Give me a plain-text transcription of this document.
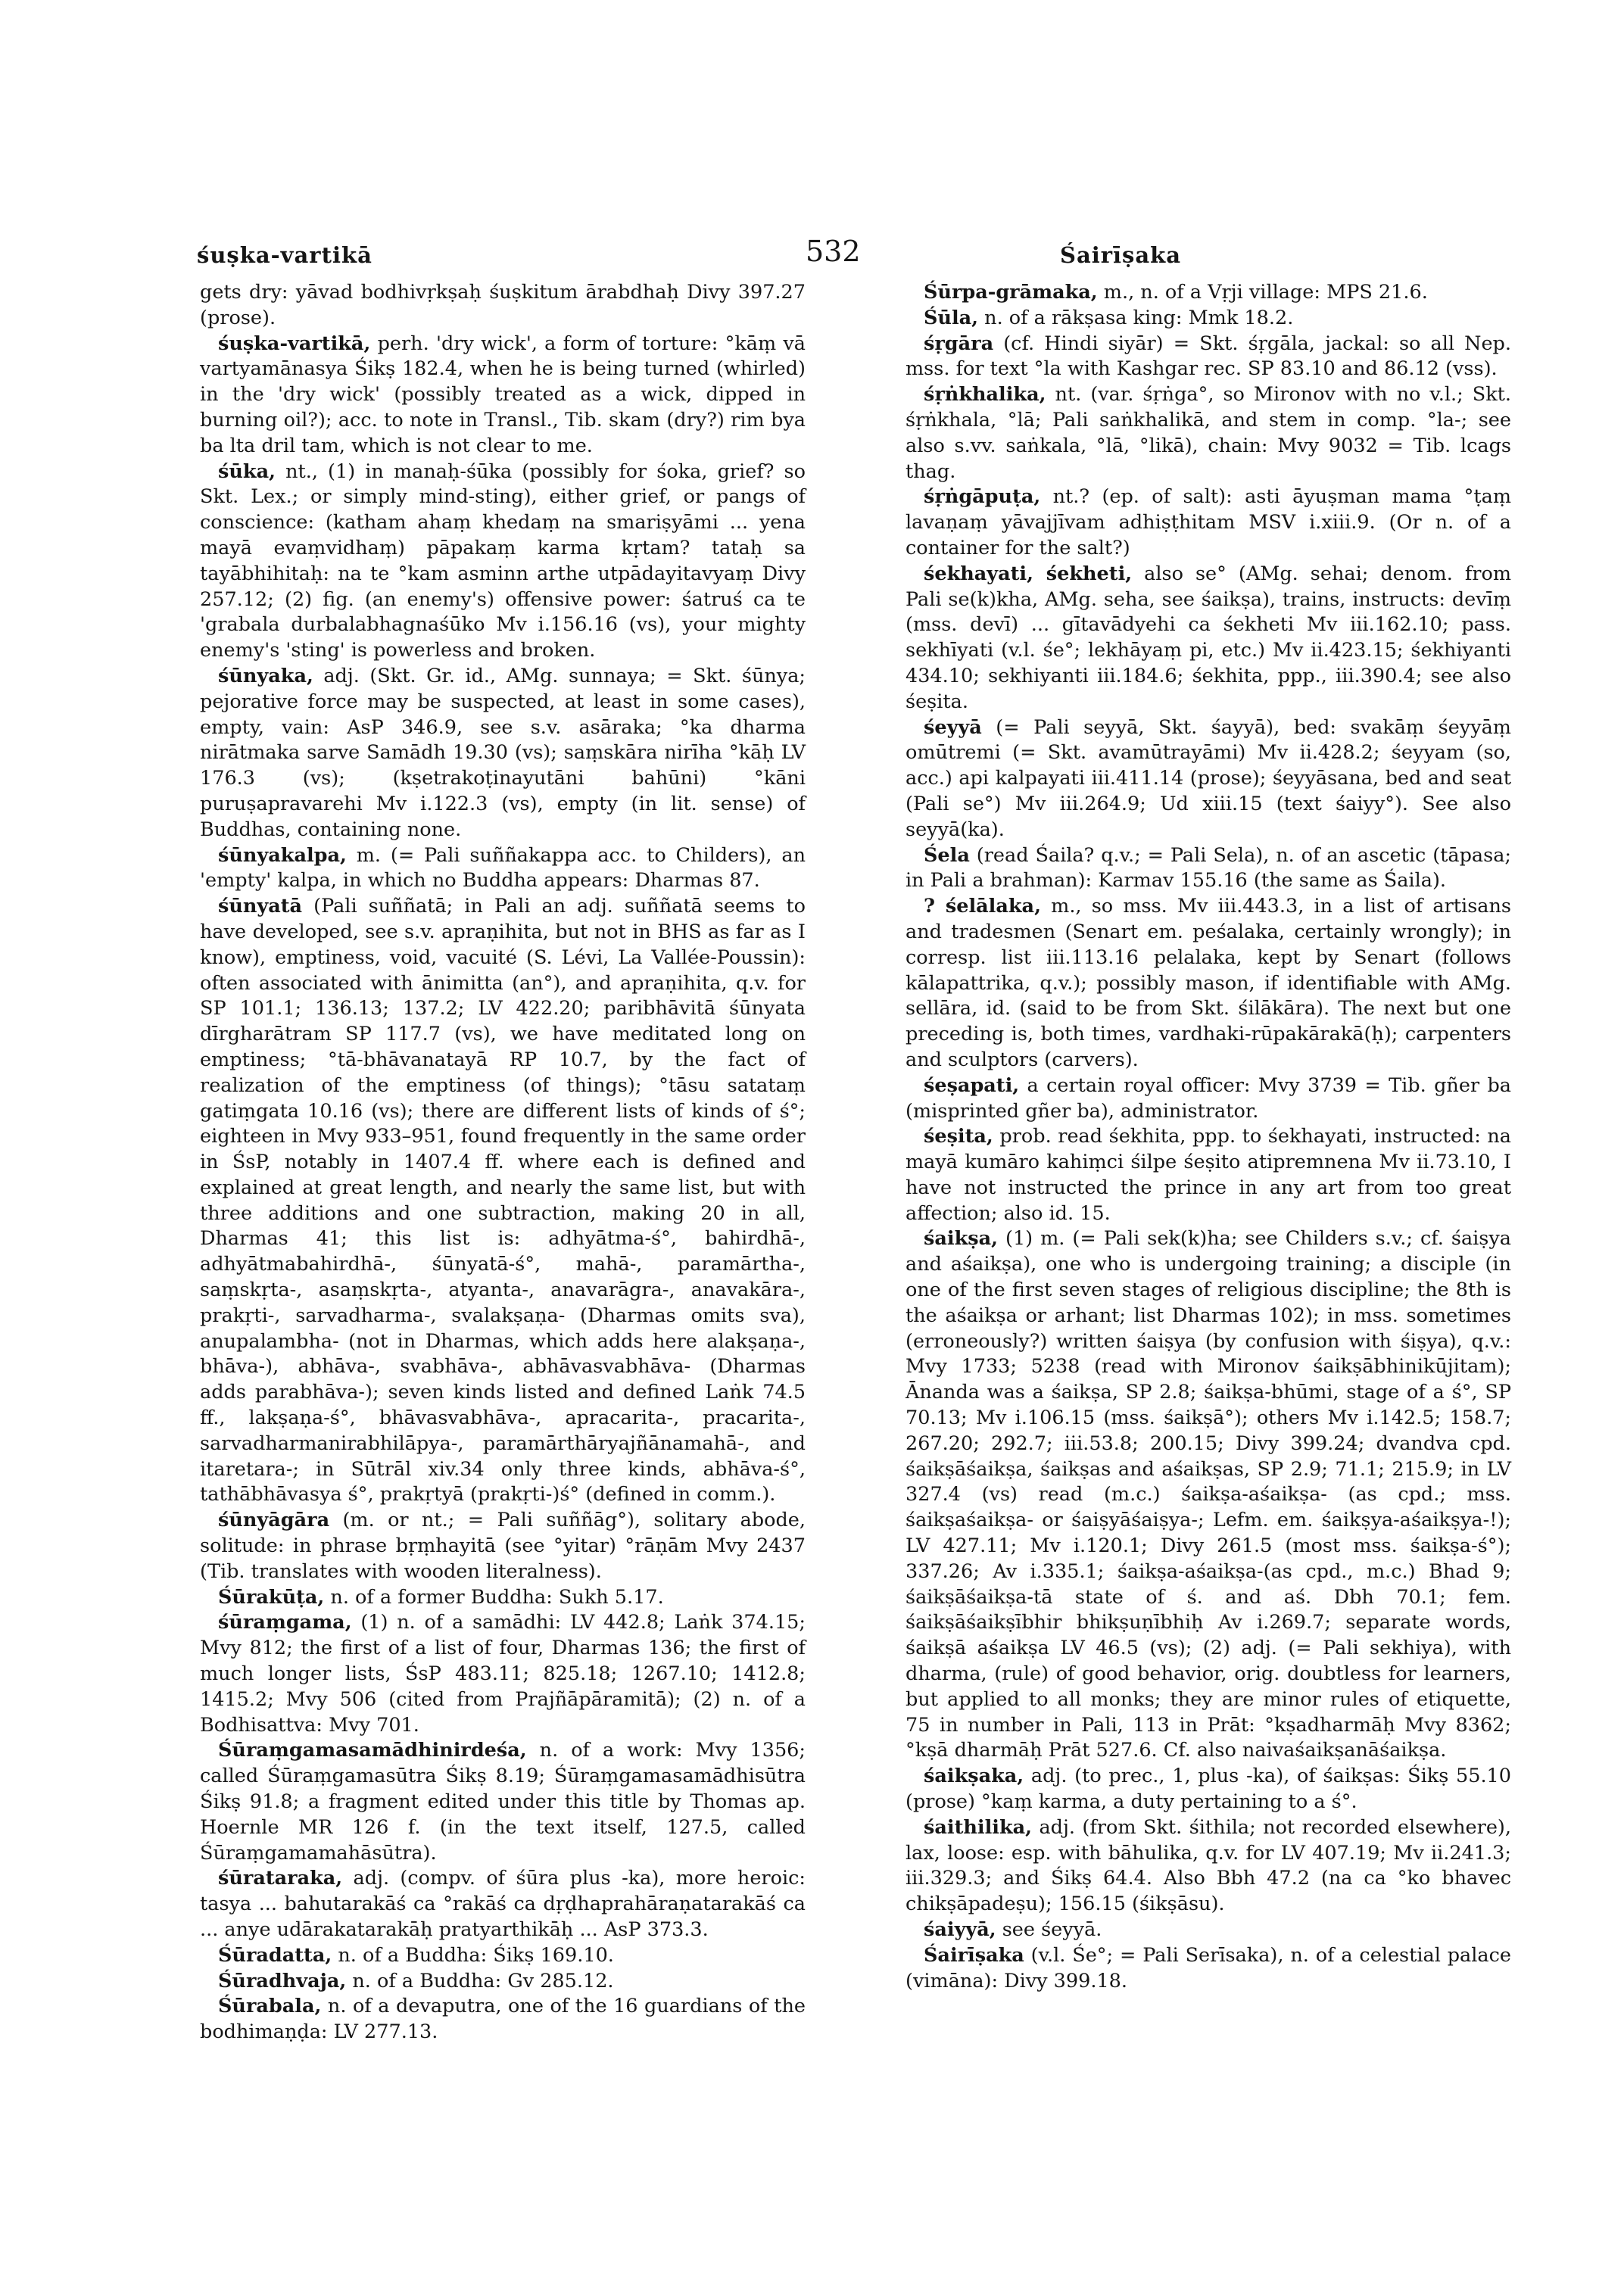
śuṣka-vartikā	532	Śairīṣaka

gets dry: yāvad bodhivṛkṣaḥ śuṣkitum ārabdhaḥ Divy 397.27 (prose).

śuṣka-vartikā, perh. 'dry wick', a form of torture: °kāṃ vā vartyamānasya Śikṣ 182.4, when he is being turned (whirled) in the 'dry wick' (possibly treated as a wick, dipped in burning oil?); acc. to note in Transl., Tib. skam (dry?) rim bya ba lta dril tam, which is not clear to me.

śūka, nt., (1) in manaḥ-śūka (possibly for śoka, grief? so Skt. Lex.; or simply mind-sting), either grief, or pangs of conscience: (katham ahaṃ khedaṃ na smariṣyāmi ... yena mayā evaṃvidhaṃ) pāpakaṃ karma kṛtam? tataḥ sa tayābhihitaḥ: na te °kam asminn arthe utpādayitavyaṃ Divy 257.12; (2) fig. (an enemy's) offensive power: śatruś ca te 'grabala durbalabhagnaśūko Mv i.156.16 (vs), your mighty enemy's 'sting' is powerless and broken.

śūnyaka, adj. (Skt. Gr. id., AMg. sunnaya; = Skt. śūnya; pejorative force may be suspected, at least in some cases), empty, vain: AsP 346.9, see s.v. asāraka; °ka dharma nirātmaka sarve Samādh 19.30 (vs); saṃskāra nirīha °kāḥ LV 176.3 (vs); (kṣetrakoṭinayutāni bahūni) °kāni puruṣapravarehi Mv i.122.3 (vs), empty (in lit. sense) of Buddhas, containing none.

śūnyakalpa, m. (= Pali suññakappa acc. to Childers), an 'empty' kalpa, in which no Buddha appears: Dharmas 87.

śūnyatā (Pali suññatā; in Pali an adj. suññatā seems to have developed, see s.v. apraṇihita, but not in BHS as far as I know), emptiness, void, vacuité (S. Lévi, La Vallée-Poussin): often associated with ānimitta (an°), and apraṇihita, q.v. for SP 101.1; 136.13; 137.2; LV 422.20; paribhāvitā śūnyata dīrgharātram SP 117.7 (vs), we have meditated long on emptiness; °tā-bhāvanatayā RP 10.7, by the fact of realization of the emptiness (of things); °tāsu satataṃ gatiṃgata 10.16 (vs); there are different lists of kinds of ś°; eighteen in Mvy 933–951, found frequently in the same order in ŚsP, notably in 1407.4 ff. where each is defined and explained at great length, and nearly the same list, but with three additions and one subtraction, making 20 in all, Dharmas 41; this list is: adhyātma-ś°, bahirdhā-, adhyātmabahirdhā-, śūnyatā-ś°, mahā-, paramārtha-, saṃskṛta-, asaṃskṛta-, atyanta-, anavarāgra-, anavakāra-, prakṛti-, sarvadharma-, svalakṣaṇa- (Dharmas omits sva), anupalambha- (not in Dharmas, which adds here alakṣaṇa-, bhāva-), abhāva-, svabhāva-, abhāvasvabhāva- (Dharmas adds parabhāva-); seven kinds listed and defined Laṅk 74.5 ff., lakṣaṇa-ś°, bhāvasvabhāva-, apracarita-, pracarita-, sarvadharmanirabhilāpya-, paramārthāryajñānamahā-, and itaretara-; in Sūtrāl xiv.34 only three kinds, abhāva-ś°, tathābhāvasya ś°, prakṛtyā (prakṛti-)ś° (defined in comm.).

śūnyāgāra (m. or nt.; = Pali suññāg°), solitary abode, solitude: in phrase bṛṃhayitā (see °yitar) °rāṇām Mvy 2437 (Tib. translates with wooden literalness).

Śūrakūṭa, n. of a former Buddha: Sukh 5.17.

śūraṃgama, (1) n. of a samādhi: LV 442.8; Laṅk 374.15; Mvy 812; the first of a list of four, Dharmas 136; the first of much longer lists, ŚsP 483.11; 825.18; 1267.10; 1412.8; 1415.2; Mvy 506 (cited from Prajñāpāramitā); (2) n. of a Bodhisattva: Mvy 701.

Śūraṃgamasamādhinirdeśa, n. of a work: Mvy 1356; called Śūraṃgamasūtra Śikṣ 8.19; Śūraṃgamasamādhisūtra Śikṣ 91.8; a fragment edited under this title by Thomas ap. Hoernle MR 126 f. (in the text itself, 127.5, called Śūraṃgamamahāsūtra).

śūrataraka, adj. (compv. of śūra plus -ka), more heroic: tasya ... bahutarakāś ca °rakāś ca dṛḍhaprahāraṇatarakāś ca ... anye udārakatarakāḥ pratyarthikāḥ ... AsP 373.3.

Śūradatta, n. of a Buddha: Śikṣ 169.10.

Śūradhvaja, n. of a Buddha: Gv 285.12.

Śūrabala, n. of a devaputra, one of the 16 guardians of the bodhimaṇḍa: LV 277.13.

Śūrpa-grāmaka, m., n. of a Vṛji village: MPS 21.6.

Śūla, n. of a rākṣasa king: Mmk 18.2.

śṛgāra (cf. Hindi siyār) = Skt. śṛgāla, jackal: so all Nep. mss. for text °la with Kashgar rec. SP 83.10 and 86.12 (vss).

śṛṅkhalika, nt. (var. śṛṅga°, so Mironov with no v.l.; Skt. śṛṅkhala, °lā; Pali saṅkhalikā, and stem in comp. °la-; see also s.vv. saṅkala, °lā, °likā), chain: Mvy 9032 = Tib. lcags thag.

śṛṅgāpuṭa, nt.? (ep. of salt): asti āyuṣman mama °ṭaṃ lavaṇaṃ yāvajjīvam adhiṣṭhitam MSV i.xiii.9. (Or n. of a container for the salt?)

śekhayati, śekheti, also se° (AMg. sehai; denom. from Pali se(k)kha, AMg. seha, see śaikṣa), trains, instructs: devīṃ (mss. devī) ... gītavādyehi ca śekheti Mv iii.162.10; pass. sekhīyati (v.l. śe°; lekhāyaṃ pi, etc.) Mv ii.423.15; śekhiyanti 434.10; sekhiyanti iii.184.6; śekhita, ppp., iii.390.4; see also śeṣita.

śeyyā (= Pali seyyā, Skt. śayyā), bed: svakāṃ śeyyāṃ omūtremi (= Skt. avamūtrayāmi) Mv ii.428.2; śeyyam (so, acc.) api kalpayati iii.411.14 (prose); śeyyāsana, bed and seat (Pali se°) Mv iii.264.9; Ud xiii.15 (text śaiyy°). See also seyyā(ka).

Śela (read Śaila? q.v.; = Pali Sela), n. of an ascetic (tāpasa; in Pali a brahman): Karmav 155.16 (the same as Śaila).

? śelālaka, m., so mss. Mv iii.443.3, in a list of artisans and tradesmen (Senart em. peśalaka, certainly wrongly); in corresp. list iii.113.16 pelalaka, kept by Senart (follows kālapattrika, q.v.); possibly mason, if identifiable with AMg. sellāra, id. (said to be from Skt. śilākāra). The next but one preceding is, both times, vardhaki-rūpakārakā(ḥ); carpenters and sculptors (carvers).

śeṣapati, a certain royal officer: Mvy 3739 = Tib. gñer ba (misprinted gñer ba), administrator.

śeṣita, prob. read śekhita, ppp. to śekhayati, instructed: na mayā kumāro kahiṃci śilpe śeṣito atipremnena Mv ii.73.10, I have not instructed the prince in any art from too great affection; also id. 15.

śaikṣa, (1) m. (= Pali sek(k)ha; see Childers s.v.; cf. śaiṣya and aśaikṣa), one who is undergoing training; a disciple (in one of the first seven stages of religious discipline; the 8th is the aśaikṣa or arhant; list Dharmas 102); in mss. sometimes (erroneously?) written śaiṣya (by confusion with śiṣya), q.v.: Mvy 1733; 5238 (read with Mironov śaikṣābhinikūjitam); Ānanda was a śaikṣa, SP 2.8; śaikṣa-bhūmi, stage of a ś°, SP 70.13; Mv i.106.15 (mss. śaikṣā°); others Mv i.142.5; 158.7; 267.20; 292.7; iii.53.8; 200.15; Divy 399.24; dvandva cpd. śaikṣāśaikṣa, śaikṣas and aśaikṣas, SP 2.9; 71.1; 215.9; in LV 327.4 (vs) read (m.c.) śaikṣa-aśaikṣa- (as cpd.; mss. śaikṣaśaikṣa- or śaiṣyāśaiṣya-; Lefm. em. śaikṣya-aśaikṣya-!); LV 427.11; Mv i.120.1; Divy 261.5 (most mss. śaikṣa-ś°); 337.26; Av i.335.1; śaikṣa-aśaikṣa-(as cpd., m.c.) Bhad 9; śaikṣāśaikṣa-tā state of ś. and aś. Dbh 70.1; fem. śaikṣāśaikṣībhir bhikṣuṇībhiḥ Av i.269.7; separate words, śaikṣā aśaikṣa LV 46.5 (vs); (2) adj. (= Pali sekhiya), with dharma, (rule) of good behavior, orig. doubtless for learners, but applied to all monks; they are minor rules of etiquette, 75 in number in Pali, 113 in Prāt: °kṣadharmāḥ Mvy 8362; °kṣā dharmāḥ Prāt 527.6. Cf. also naivaśaikṣanāśaikṣa.

śaikṣaka, adj. (to prec., 1, plus -ka), of śaikṣas: Śikṣ 55.10 (prose) °kaṃ karma, a duty pertaining to a ś°.

śaithilika, adj. (from Skt. śithila; not recorded elsewhere), lax, loose: esp. with bāhulika, q.v. for LV 407.19; Mv ii.241.3; iii.329.3; and Śikṣ 64.4. Also Bbh 47.2 (na ca °ko bhavec chikṣāpadeṣu); 156.15 (śikṣāsu).

śaiyyā, see śeyyā.

Śairīṣaka (v.l. Śe°; = Pali Serīsaka), n. of a celestial palace (vimāna): Divy 399.18.
